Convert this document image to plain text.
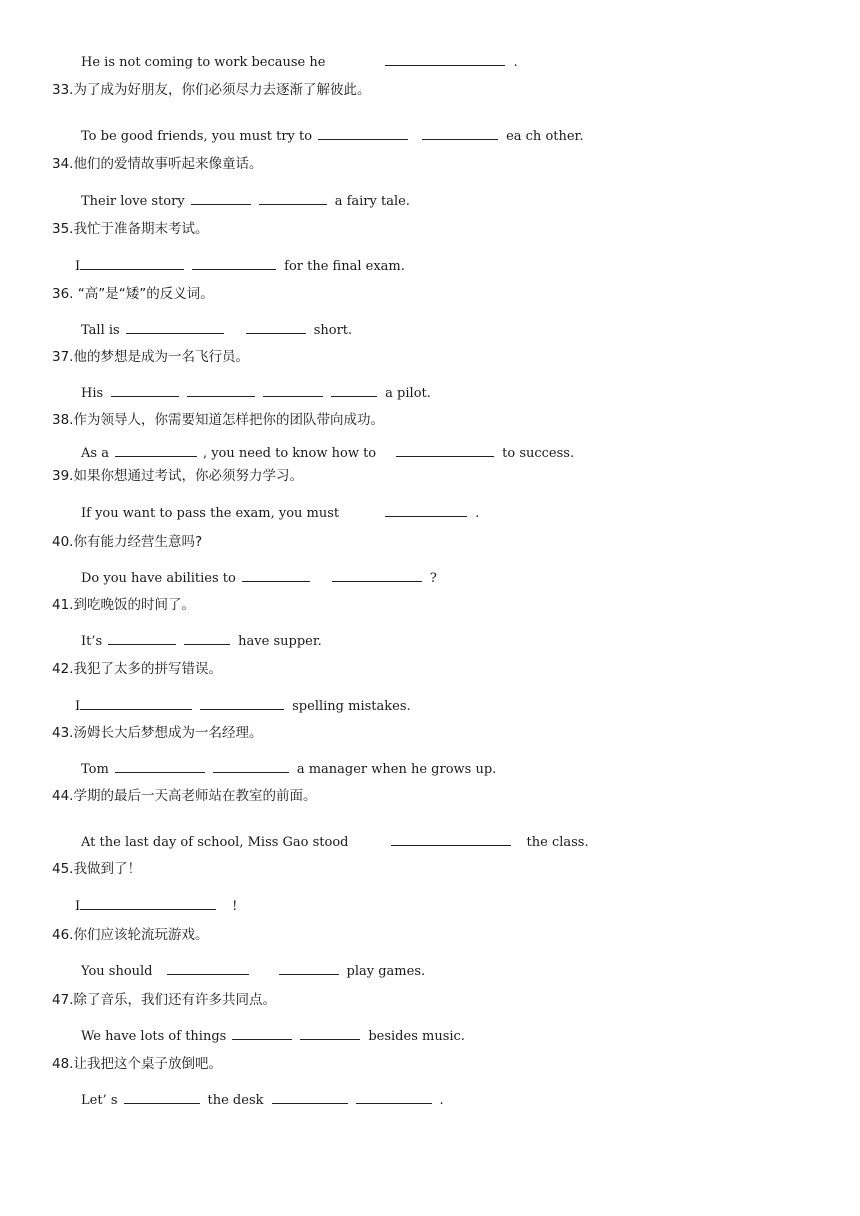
He is not coming to work because he	.
33.为了成为好朋友，你们必须尽力去逐渐了解彼此。
To be good friends, you must try to	ea ch other.
34.他们的爱情故事听起来像童话。
Their love story	a fairy tale.
35.我忙于准备期末考试。
I	for the final exam.
36. “高”是“矮”的反义词。
Tall is	short.
37.他的梦想是成为一名飞行员。
His	a pilot.
38.作为领导人，你需要知道怎样把你的团队带向成功。
As a	, you need to know how to	to success.
39.如果你想通过考试，你必须努力学习。
If you want to pass the exam, you must	.
40.你有能力经营生意吗?
Do you have abilities to	?
41.到吃晚饭的时间了。
It’s	have supper.
42.我犯了太多的拼写错误。
I	spelling mistakes.
43.汤姆长大后梦想成为一名经理。
Tom	a manager when he grows up.
44.学期的最后一天高老师站在教室的前面。
At the last day of school, Miss Gao stood	the class.
45.我做到了！
I	!
46.你们应该轮流玩游戏。
You should	play games.
47.除了音乐，我们还有许多共同点。
We have lots of things	besides music.
48.让我把这个桌子放倒吧。
Let’ s	the desk	.
